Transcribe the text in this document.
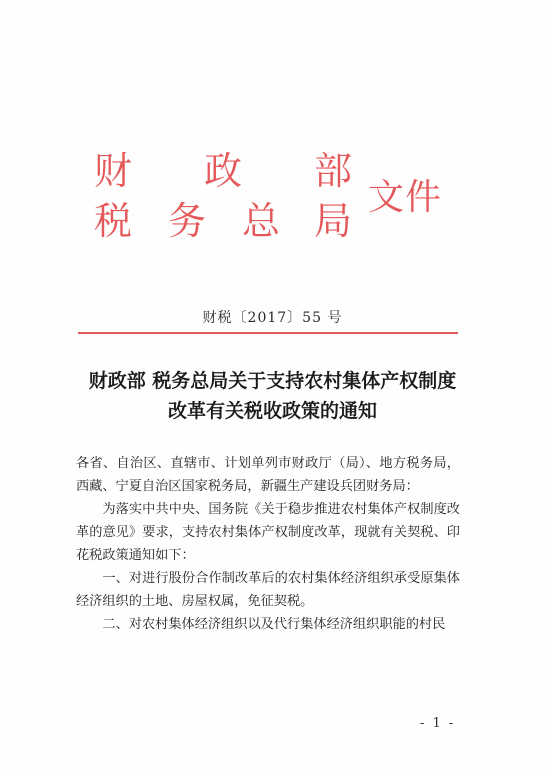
财 政 部
税 务 总 局
文件
财税〔2017〕55 号
财政部 税务总局关于支持农村集体产权制度
改革有关税收政策的通知

各省、自治区、直辖市、计划单列市财政厅（局）、地方税务局，西藏、宁夏自治区国家税务局，新疆生产建设兵团财务局：

为落实中共中央、国务院《关于稳步推进农村集体产权制度改革的意见》要求，支持农村集体产权制度改革，现就有关契税、印花税政策通知如下：

一、对进行股份合作制改革后的农村集体经济组织承受原集体经济组织的土地、房屋权属，免征契税。

二、对农村集体经济组织以及代行集体经济组织职能的村民

- 1 -
